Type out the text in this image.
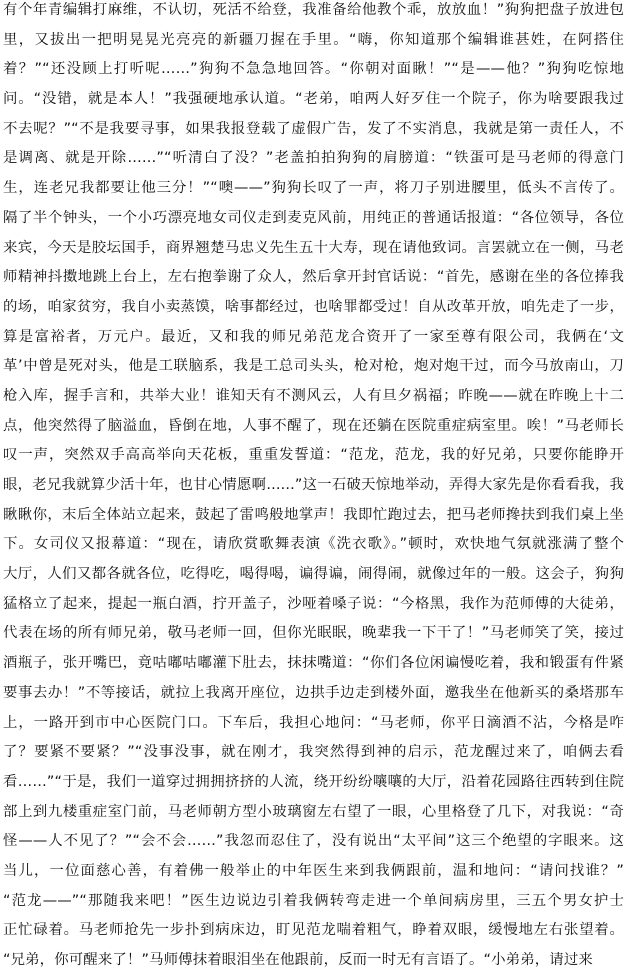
有个年青编辑打麻维，不认切，死活不给登，我准备给他教个乖，放放血！”狗狗把盘子放进包
里，又拔出一把明晃晃光亮亮的新疆刀握在手里。“嗨，你知道那个编辑谁甚姓，在阿搭住
着？”“还没顾上打听呢……”狗狗不急急地回答。“你朝对面瞅！”“是——他？”狗狗吃惊地
问。“没错，就是本人！”我强硬地承认道。“老弟，咱两人好歹住一个院子，你为啥要跟我过
不去呢？”“不是我要寻事，如果我报登载了虚假广告，发了不实消息，我就是第一责任人，不
是调离、就是开除……”“听清白了没？”老盖拍拍狗狗的肩膀道：“铁蛋可是马老师的得意门
生，连老兄我都要让他三分！”“噢——”狗狗长叹了一声，将刀子别进腰里，低头不言传了。
隔了半个钟头，一个小巧漂亮地女司仪走到麦克风前，用纯正的普通话报道：“各位领导，各位
来宾，今天是胶坛国手，商界翘楚马忠义先生五十大寿，现在请他致词。言罢就立在一侧，马老
师精神抖擞地跳上台上，左右抱拳谢了众人，然后拿开封官话说：“首先，感谢在坐的各位捧我
的场，咱家贫穷，我自小卖蒸馍，啥事都经过，也啥罪都受过！自从改革开放，咱先走了一步，
算是富裕者，万元户。最近，又和我的师兄弟范龙合资开了一家至尊有限公司，我俩在‘文
革’中曾是死对头，他是工联脑系，我是工总司头头，枪对枪，炮对炮干过，而今马放南山，刀
枪入库，握手言和，共举大业！谁知天有不测风云，人有旦夕祸福；昨晚——就在昨晚上十二
点，他突然得了脑溢血，昏倒在地，人事不醒了，现在还躺在医院重症病室里。唉！”马老师长
叹一声，突然双手高高举向天花板，重重发誓道：“范龙，范龙，我的好兄弟，只要你能睁开
眼，老兄我就算少活十年，也甘心情愿啊……”这一石破天惊地举动，弄得大家先是你看看我，我
瞅瞅你，末后全体站立起来，鼓起了雷鸣般地掌声！我即忙跑过去，把马老师搀扶到我们桌上坐
下。女司仪又报幕道：“现在，请欣赏歌舞表演《洗衣歌》。”顿时，欢快地气氛就涨满了整个
大厅，人们又都各就各位，吃得吃，喝得喝，谝得谝，闹得闹，就像过年的一般。这会子，狗狗
猛格立了起来，提起一瓶白酒，拧开盖子，沙哑着嗓子说：“今格黑，我作为范师傅的大徒弟，
代表在场的所有师兄弟，敬马老师一回，但你光眠眠，晚辈我一下干了！”马老师笑了笑，接过
酒瓶子，张开嘴巴，竟咕嘟咕嘟灌下肚去，抹抹嘴道：“你们各位闲谝慢吃着，我和锻蛋有件紧
要事去办！”不等接话，就拉上我离开座位，边拱手边走到楼外面，邀我坐在他新买的桑塔那车
上，一路开到市中心医院门口。下车后，我担心地问：“马老师，你平日滴酒不沾，今格是咋
了？要紧不要紧？”“没事没事，就在刚才，我突然得到神的启示，范龙醒过来了，咱俩去看
看……”“于是，我们一道穿过拥拥挤挤的人流，绕开纷纷嚷嚷的大厅，沿着花园路往西转到住院
部上到九楼重症室门前，马老师朝方型小玻璃窗左右望了一眼，心里格登了几下，对我说：“奇
怪——人不见了？”“会不会……”我忽而忍住了，没有说出“太平间”这三个绝望的字眼来。这
当儿，一位面慈心善，有着佛一般举止的中年医生来到我俩跟前，温和地问：“请问找谁？”
“范龙——”“那随我来吧！”医生边说边引着我俩转弯走进一个单间病房里，三五个男女护士
正忙碌着。马老师抢先一步扑到病床边，盯见范龙喘着粗气，睁着双眼，缓慢地左右张望着。
“兄弟，你可醒来了！”马师傅抹着眼泪坐在他跟前，反而一时无有言语了。“小弟弟，请过来
